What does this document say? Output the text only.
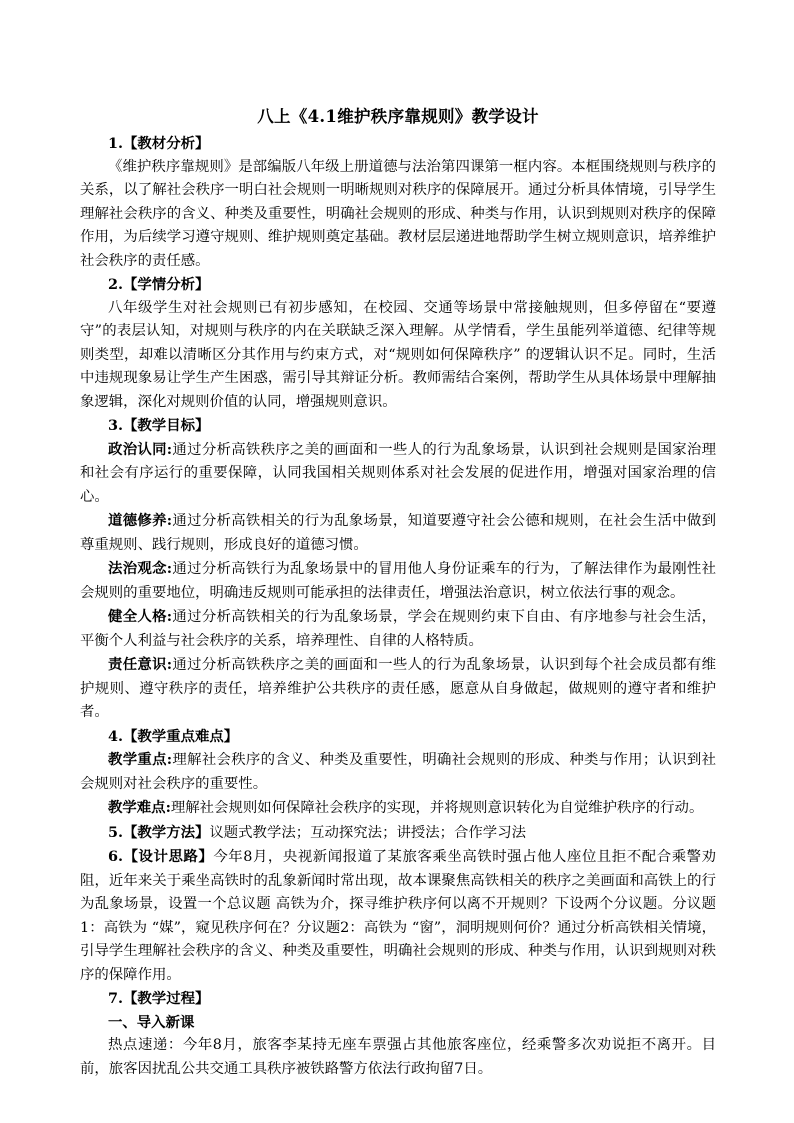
八上《4.1维护秩序靠规则》教学设计
1.【教材分析】

《维护秩序靠规则》是部编版八年级上册道德与法治第四课第一框内容。本框围绕规则与秩序的关系，以了解社会秩序一明白社会规则一明晰规则对秩序的保障展开。通过分析具体情境，引导学生理解社会秩序的含义、种类及重要性，明确社会规则的形成、种类与作用，认识到规则对秩序的保障作用，为后续学习遵守规则、维护规则奠定基础。教材层层递进地帮助学生树立规则意识，培养维护社会秩序的责任感。

2.【学情分析】

八年级学生对社会规则已有初步感知，在校园、交通等场景中常接触规则，但多停留在“要遵守”的表层认知，对规则与秩序的内在关联缺乏深入理解。从学情看，学生虽能列举道德、纪律等规则类型，却难以清晰区分其作用与约束方式，对“规则如何保障秩序” 的逻辑认识不足。同时，生活中违规现象易让学生产生困惑，需引导其辩证分析。教师需结合案例，帮助学生从具体场景中理解抽象逻辑，深化对规则价值的认同，增强规则意识。

3.【教学目标】

政治认同:通过分析高铁秩序之美的画面和一些人的行为乱象场景，认识到社会规则是国家治理和社会有序运行的重要保障，认同我国相关规则体系对社会发展的促进作用，增强对国家治理的信心。

道德修养:通过分析高铁相关的行为乱象场景，知道要遵守社会公德和规则，在社会生活中做到尊重规则、践行规则，形成良好的道德习惯。

法治观念:通过分析高铁行为乱象场景中的冒用他人身份证乘车的行为，了解法律作为最刚性社会规则的重要地位，明确违反规则可能承担的法律责任，增强法治意识，树立依法行事的观念。

健全人格:通过分析高铁相关的行为乱象场景，学会在规则约束下自由、有序地参与社会生活，平衡个人利益与社会秩序的关系，培养理性、自律的人格特质。

责任意识:通过分析高铁秩序之美的画面和一些人的行为乱象场景，认识到每个社会成员都有维护规则、遵守秩序的责任，培养维护公共秩序的责任感，愿意从自身做起，做规则的遵守者和维护者。

4.【教学重点难点】

教学重点:理解社会秩序的含义、种类及重要性，明确社会规则的形成、种类与作用；认识到社会规则对社会秩序的重要性。

教学难点:理解社会规则如何保障社会秩序的实现，并将规则意识转化为自觉维护秩序的行动。

5.【教学方法】议题式教学法；互动探究法；讲授法；合作学习法

6.【设计思路】今年8月，央视新闻报道了某旅客乘坐高铁时强占他人座位且拒不配合乘警劝阻，近年来关于乘坐高铁时的乱象新闻时常出现，故本课聚焦高铁相关的秩序之美画面和高铁上的行为乱象场景，设置一个总议题 高铁为介，探寻维护秩序何以离不开规则？下设两个分议题。分议题1：高铁为 “媒”，窥见秩序何在？分议题2：高铁为 “窗”，洞明规则何价？通过分析高铁相关情境，引导学生理解社会秩序的含义、种类及重要性，明确社会规则的形成、种类与作用，认识到规则对秩序的保障作用。

7.【教学过程】
一、导入新课

热点速递：今年8月，旅客李某持无座车票强占其他旅客座位，经乘警多次劝说拒不离开。目前，旅客因扰乱公共交通工具秩序被铁路警方依法行政拘留7日。
